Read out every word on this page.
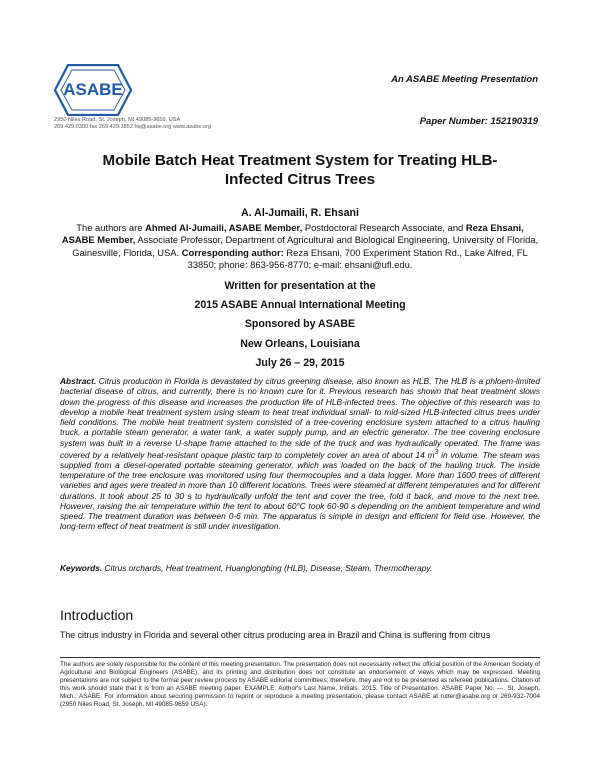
ASABE
2950 Niles Road, St. Joseph, MI 49085-9659, USA
269.429.0300 fax 269.429.3852 hq@asabe.org www.asabe.org
An ASABE Meeting Presentation
Paper Number: 152190319
Mobile Batch Heat Treatment System for Treating HLB-
Infected Citrus Trees
A. Al-Jumaili, R. Ehsani
The authors are Ahmed Al-Jumaili, ASABE Member, Postdoctoral Research Associate, and Reza Ehsani, ASABE Member, Associate Professor, Department of Agricultural and Biological Engineering, University of Florida, Gainesville, Florida, USA. Corresponding author: Reza Ehsani, 700 Experiment Station Rd., Lake Alfred, FL 33850; phone: 863-956-8770; e-mail: ehsani@ufl.edu.
Written for presentation at the
2015 ASABE Annual International Meeting
Sponsored by ASABE
New Orleans, Louisiana
July 26 – 29, 2015
Abstract. Citrus production in Florida is devastated by citrus greening disease, also known as HLB. The HLB is a phloem-limited bacterial disease of citrus, and currently, there is no known cure for it. Previous research has shown that heat treatment slows down the progress of this disease and increases the production life of HLB-infected trees. The objective of this research was to develop a mobile heat treatment system using steam to heat treat individual small- to mid-sized HLB-infected citrus trees under field conditions. The mobile heat treatment system consisted of a tree-covering enclosure system attached to a citrus hauling truck, a portable steam generator, a water tank, a water supply pump, and an electric generator. The tree covering enclosure system was built in a reverse U-shape frame attached to the side of the truck and was hydraulically operated. The frame was covered by a relatively heat-resistant opaque plastic tarp to completely cover an area of about 14 $m^3$ in volume. The steam was supplied from a diesel-operated portable steaming generator, which was loaded on the back of the hauling truck. The inside temperature of the tree enclosure was monitored using four thermocouples and a data logger. More than 1600 trees of different varieties and ages were treated in more than 10 different locations. Trees were steamed at different temperatures and for different durations. It took about 25 to 30 s to hydraulically unfold the tent and cover the tree, fold it back, and move to the next tree. However, raising the air temperature within the tent to about 60°C took 60-90 s depending on the ambient temperature and wind speed. The treatment duration was between 0-6 min. The apparatus is simple in design and efficient for field use. However, the long-term effect of heat treatment is still under investigation.
Keywords. Citrus orchards, Heat treatment, Huanglongbing (HLB), Disease, Steam, Thermotherapy.
Introduction
The citrus industry in Florida and several other citrus producing area in Brazil and China is suffering from citrus
The authors are solely responsible for the content of this meeting presentation. The presentation does not necessarily reflect the official position of the American Society of Agricultural and Biological Engineers (ASABE), and its printing and distribution does not constitute an endorsement of views which may be expressed. Meeting presentations are not subject to the formal peer review process by ASABE editorial committees; therefore, they are not to be presented as refereed publications. Citation of this work should state that it is from an ASABE meeting paper. EXAMPLE: Author's Last Name, Initials. 2015. Title of Presentation. ASABE Paper No. ---. St. Joseph, Mich.: ASABE. For information about securing permission to reprint or reproduce a meeting presentation, please contact ASABE at rutter@asabe.org or 269-932-7004 (2950 Niles Road, St. Joseph, MI 49085-9659 USA).
